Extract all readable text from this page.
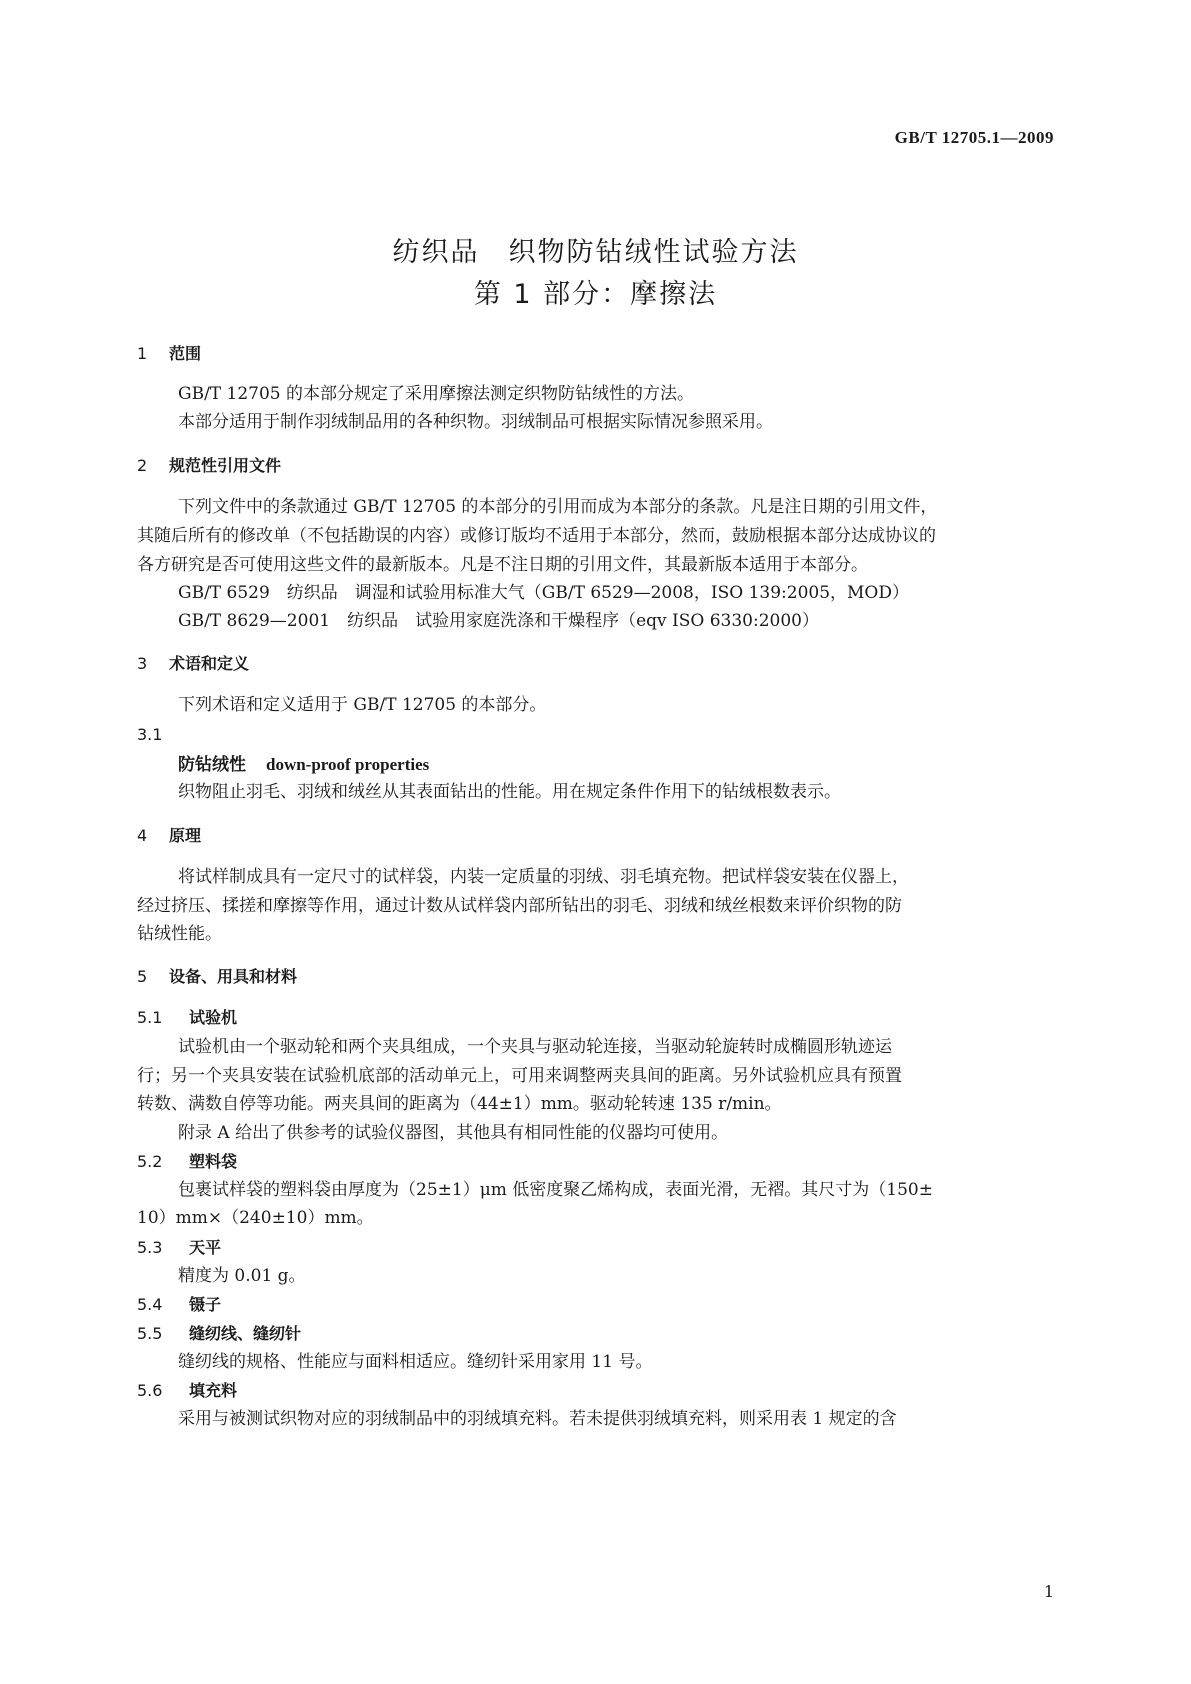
GB/T 12705.1—2009
纺织品　织物防钻绒性试验方法
第 1 部分：摩擦法
1 范围
GB/T 12705 的本部分规定了采用摩擦法测定织物防钻绒性的方法。
本部分适用于制作羽绒制品用的各种织物。羽绒制品可根据实际情况参照采用。
2 规范性引用文件
下列文件中的条款通过 GB/T 12705 的本部分的引用而成为本部分的条款。凡是注日期的引用文件，
其随后所有的修改单（不包括勘误的内容）或修订版均不适用于本部分，然而，鼓励根据本部分达成协议的
各方研究是否可使用这些文件的最新版本。凡是不注日期的引用文件，其最新版本适用于本部分。
GB/T 6529　纺织品　调湿和试验用标准大气（GB/T 6529—2008，ISO 139:2005，MOD）
GB/T 8629—2001　纺织品　试验用家庭洗涤和干燥程序（eqv ISO 6330:2000）
3 术语和定义
下列术语和定义适用于 GB/T 12705 的本部分。
3.1
防钻绒性 down-proof properties
织物阻止羽毛、羽绒和绒丝从其表面钻出的性能。用在规定条件作用下的钻绒根数表示。
4 原理
将试样制成具有一定尺寸的试样袋，内装一定质量的羽绒、羽毛填充物。把试样袋安装在仪器上，
经过挤压、揉搓和摩擦等作用，通过计数从试样袋内部所钻出的羽毛、羽绒和绒丝根数来评价织物的防
钻绒性能。
5 设备、用具和材料
5.1 试验机
试验机由一个驱动轮和两个夹具组成，一个夹具与驱动轮连接，当驱动轮旋转时成椭圆形轨迹运
行；另一个夹具安装在试验机底部的活动单元上，可用来调整两夹具间的距离。另外试验机应具有预置
转数、满数自停等功能。两夹具间的距离为（44±1）mm。驱动轮转速 135 r/min。
附录 A 给出了供参考的试验仪器图，其他具有相同性能的仪器均可使用。
5.2 塑料袋
包裹试样袋的塑料袋由厚度为（25±1）μm 低密度聚乙烯构成，表面光滑，无褶。其尺寸为（150±
10）mm×（240±10）mm。
5.3 天平
精度为 0.01 g。
5.4 镊子
5.5 缝纫线、缝纫针
缝纫线的规格、性能应与面料相适应。缝纫针采用家用 11 号。
5.6 填充料
采用与被测试织物对应的羽绒制品中的羽绒填充料。若未提供羽绒填充料，则采用表 1 规定的含
1
